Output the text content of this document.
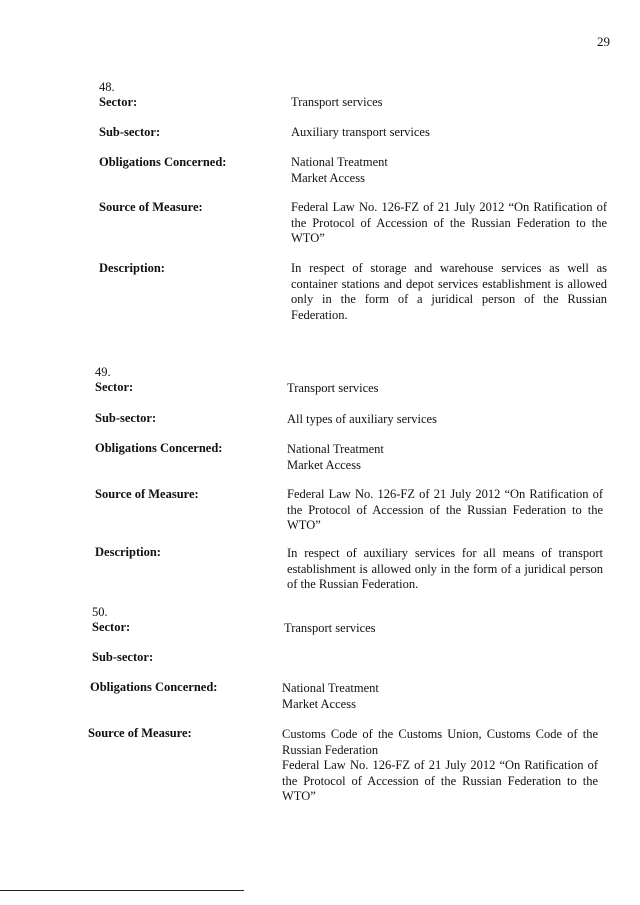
29
48.
Sector:	Transport services
Sub-sector:	Auxiliary transport services
Obligations Concerned:	National Treatment
Market Access
Source of Measure:	Federal Law No. 126-FZ of 21 July 2012 “On Ratification of the Protocol of Accession of the Russian Federation to the WTO”
Description:	In respect of storage and warehouse services as well as container stations and depot services establishment is allowed only in the form of a juridical person of the Russian Federation.
49.
Sector:	Transport services
Sub-sector:	All types of auxiliary services
Obligations Concerned:	National Treatment
Market Access
Source of Measure:	Federal Law No. 126-FZ of 21 July 2012 “On Ratification of the Protocol of Accession of the Russian Federation to the WTO”
Description:	In respect of auxiliary services for all means of transport establishment is allowed only in the form of a juridical person of the Russian Federation.
50.
Sector:	Transport services
Sub-sector:
Obligations Concerned:	National Treatment
Market Access
Source of Measure:	Customs Code of the Customs Union, Customs Code of the Russian Federation
Federal Law No. 126-FZ of 21 July 2012 “On Ratification of the Protocol of Accession of the Russian Federation to the WTO”
